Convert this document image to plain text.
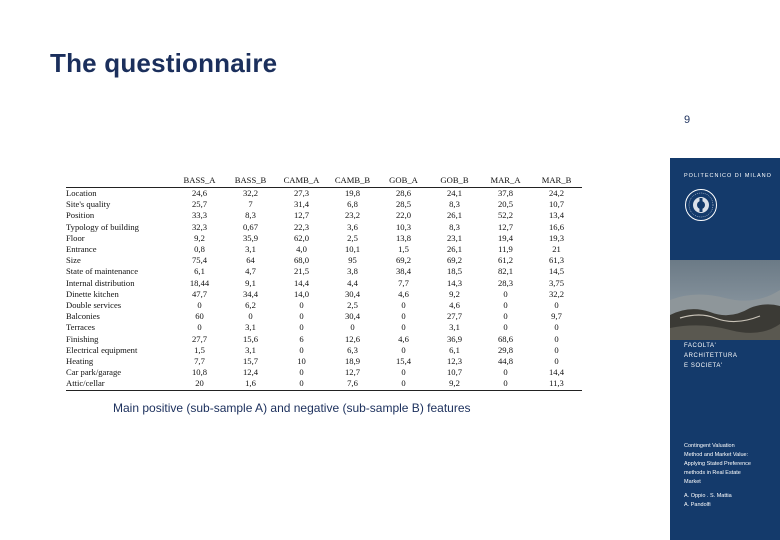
The questionnaire
9
	BASS_A	BASS_B	CAMB_A	CAMB_B	GOB_A	GOB_B	MAR_A	MAR_B
Location	24,6	32,2	27,3	19,8	28,6	24,1	37,8	24,2
Site's quality	25,7	7	31,4	6,8	28,5	8,3	20,5	10,7
Position	33,3	8,3	12,7	23,2	22,0	26,1	52,2	13,4
Typology of building	32,3	0,67	22,3	3,6	10,3	8,3	12,7	16,6
Floor	9,2	35,9	62,0	2,5	13,8	23,1	19,4	19,3
Entrance	0,8	3,1	4,0	10,1	1,5	26,1	11,9	21
Size	75,4	64	68,0	95	69,2	69,2	61,2	61,3
State of maintenance	6,1	4,7	21,5	3,8	38,4	18,5	82,1	14,5
Internal distribution	18,44	9,1	14,4	4,4	7,7	14,3	28,3	3,75
Dinette kitchen	47,7	34,4	14,0	30,4	4,6	9,2	0	32,2
Double services	0	6,2	0	2,5	0	4,6	0	0
Balconies	60	0	0	30,4	0	27,7	0	9,7
Terraces	0	3,1	0	0	0	3,1	0	0
Finishing	27,7	15,6	6	12,6	4,6	36,9	68,6	0
Electrical equipment	1,5	3,1	0	6,3	0	6,1	29,8	0
Heating	7,7	15,7	10	18,9	15,4	12,3	44,8	0
Car park/garage	10,8	12,4	0	12,7	0	10,7	0	14,4
Attic/cellar	20	1,6	0	7,6	0	9,2	0	11,3
Main positive (sub-sample A) and negative (sub-sample B) features
POLITECNICO DI MILANO
FACOLTA'
ARCHITETTURA
E SOCIETA'
Contingent Valuation
Method and Market Value:
Applying Stated Preference
methods in Real Estate
Market
A. Oppio . S. Mattia
A. Pandolfi
